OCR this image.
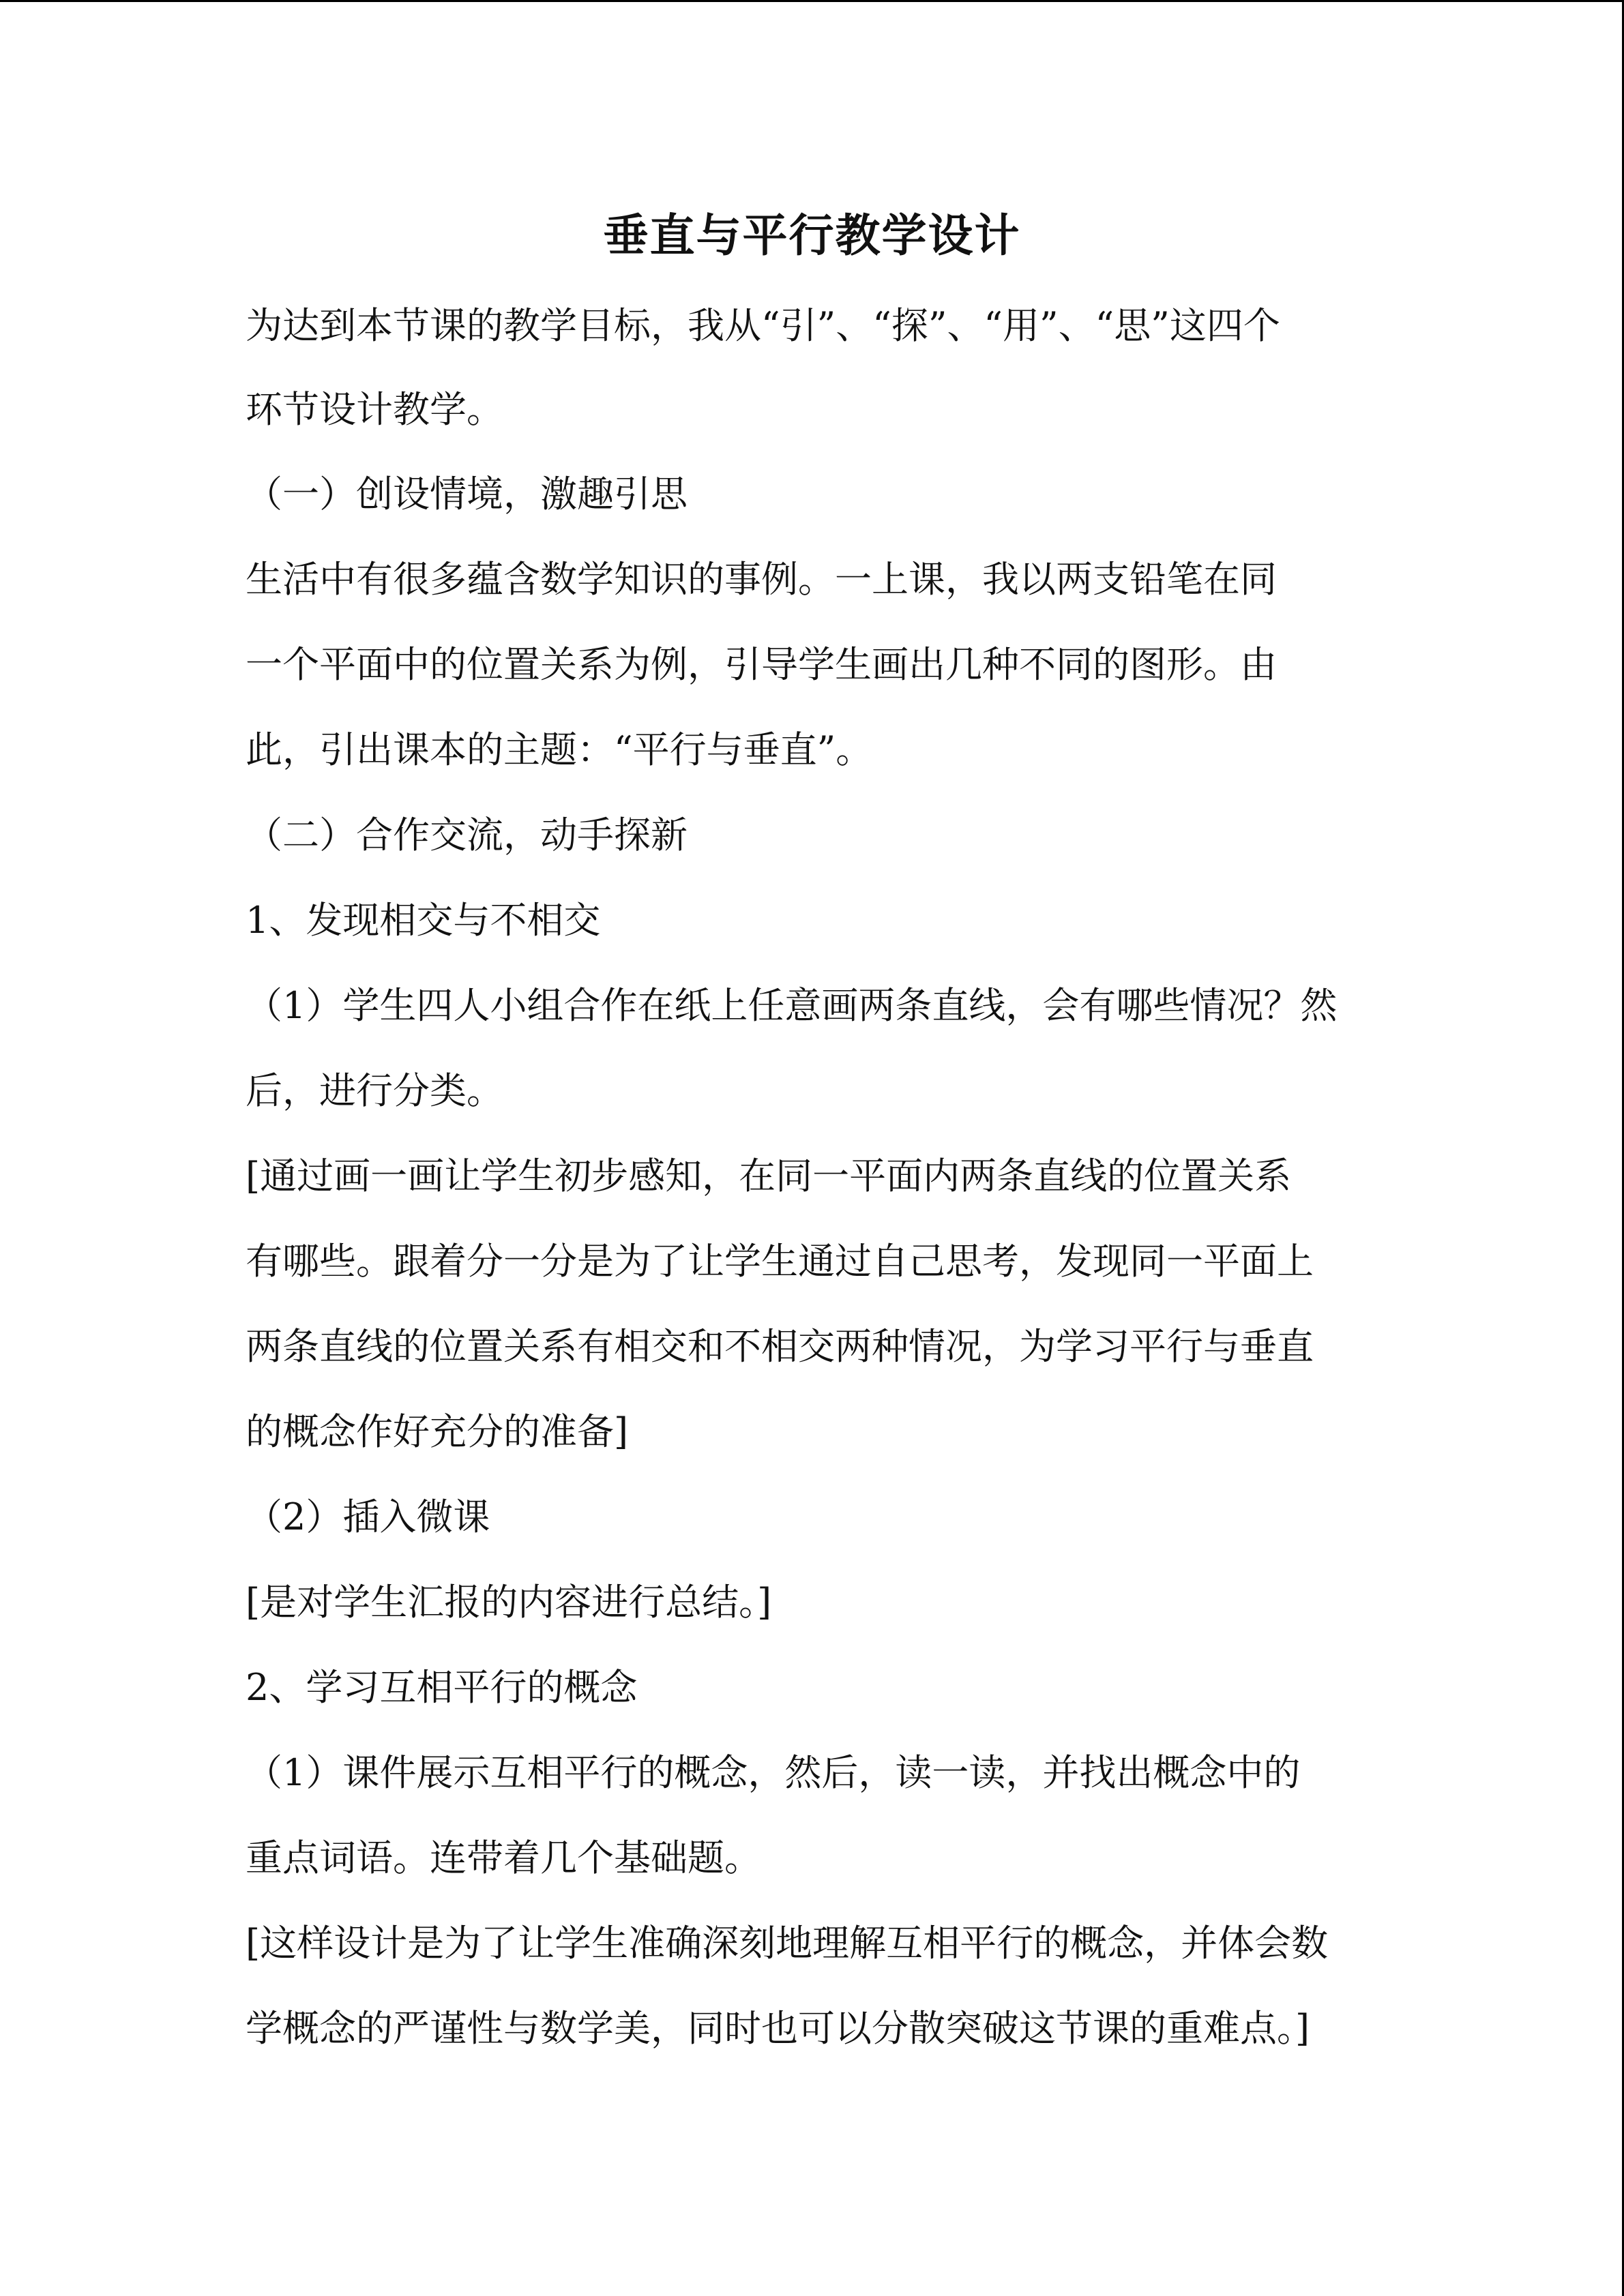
垂直与平行教学设计
为达到本节课的教学目标，我从“引”、“探”、“用”、“思”这四个
环节设计教学。
（一）创设情境，激趣引思
生活中有很多蕴含数学知识的事例。一上课，我以两支铅笔在同
一个平面中的位置关系为例，引导学生画出几种不同的图形。由
此，引出课本的主题：“平行与垂直”。
（二）合作交流，动手探新
1、发现相交与不相交
（1）学生四人小组合作在纸上任意画两条直线，会有哪些情况？然
后，进行分类。
[通过画一画让学生初步感知，在同一平面内两条直线的位置关系
有哪些。跟着分一分是为了让学生通过自己思考，发现同一平面上
两条直线的位置关系有相交和不相交两种情况，为学习平行与垂直
的概念作好充分的准备]
（2）插入微课
[是对学生汇报的内容进行总结。]
2、学习互相平行的概念
（1）课件展示互相平行的概念，然后，读一读，并找出概念中的
重点词语。连带着几个基础题。
[这样设计是为了让学生准确深刻地理解互相平行的概念，并体会数
学概念的严谨性与数学美，同时也可以分散突破这节课的重难点。]
